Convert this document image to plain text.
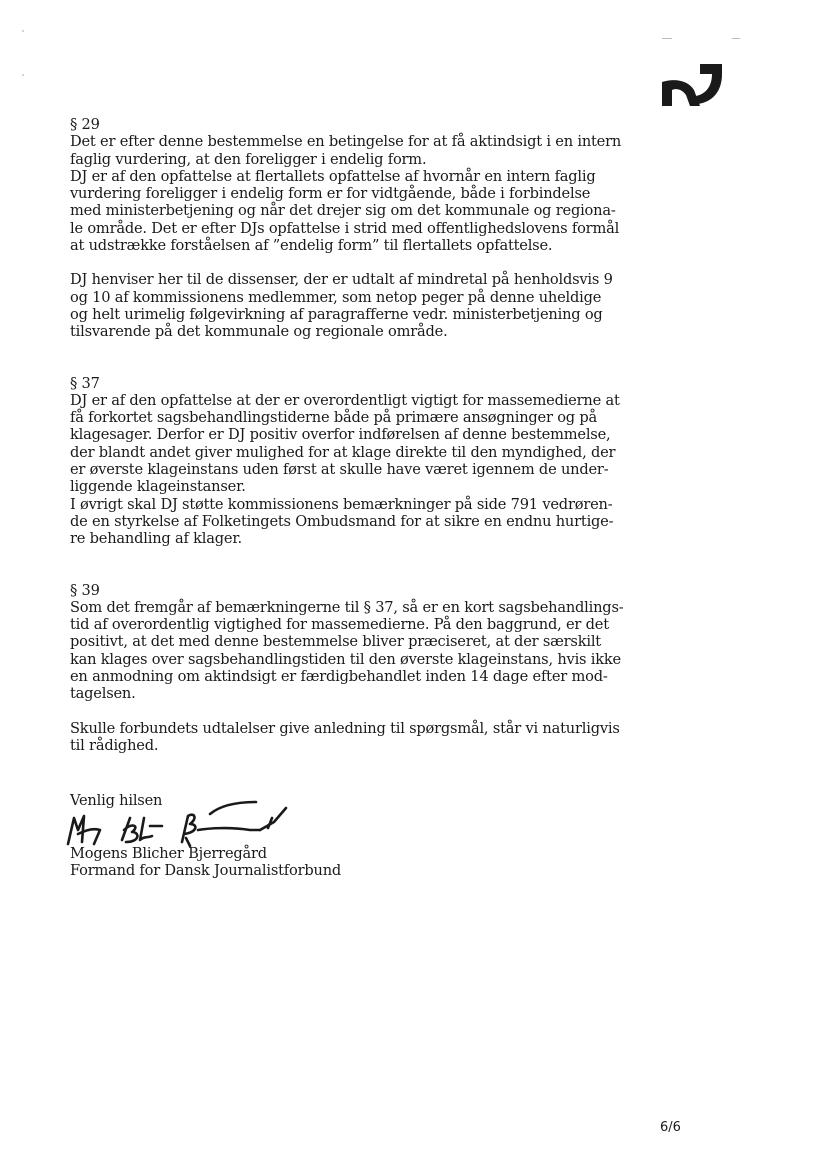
§ 29
Det er efter denne bestemmelse en betingelse for at få aktindsigt i en intern
faglig vurdering, at den foreligger i endelig form.
DJ er af den opfattelse at flertallets opfattelse af hvornår en intern faglig
vurdering foreligger i endelig form er for vidtgående, både i forbindelse
med ministerbetjening og når det drejer sig om det kommunale og regiona-
le område. Det er efter DJs opfattelse i strid med offentlighedslovens formål
at udstrække forståelsen af ”endelig form” til flertallets opfattelse.
DJ henviser her til de dissenser, der er udtalt af mindretal på henholdsvis 9
og 10 af kommissionens medlemmer, som netop peger på denne uheldige
og helt urimelig følgevirkning af paragrafferne vedr. ministerbetjening og
tilsvarende på det kommunale og regionale område.
§ 37
DJ er af den opfattelse at der er overordentligt vigtigt for massemedierne at
få forkortet sagsbehandlingstiderne både på primære ansøgninger og på
klagesager. Derfor er DJ positiv overfor indførelsen af denne bestemmelse,
der blandt andet giver mulighed for at klage direkte til den myndighed, der
er øverste klageinstans uden først at skulle have været igennem de under-
liggende klageinstanser.
I øvrigt skal DJ støtte kommissionens bemærkninger på side 791 vedrøren-
de en styrkelse af Folketingets Ombudsmand for at sikre en endnu hurtige-
re behandling af klager.
§ 39
Som det fremgår af bemærkningerne til § 37, så er en kort sagsbehandlings-
tid af overordentlig vigtighed for massemedierne. På den baggrund, er det
positivt, at det med denne bestemmelse bliver præciseret, at der særskilt
kan klages over sagsbehandlingstiden til den øverste klageinstans, hvis ikke
en anmodning om aktindsigt er færdigbehandlet inden 14 dage efter mod-
tagelsen.
Skulle forbundets udtalelser give anledning til spørgsmål, står vi naturligvis
til rådighed.
Venlig hilsen
Mogens Blicher Bjerregård
Formand for Dansk Journalistforbund
6/6
